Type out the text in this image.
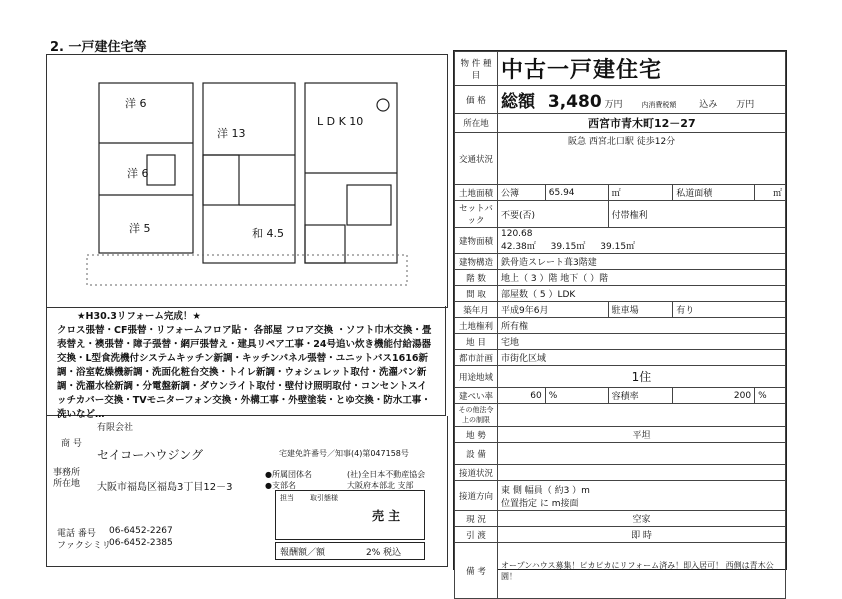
2. 一戸建住宅等
洋 6
洋 13
L D K 10
洋 6
洋 5	和 4.5
★H30.3リフォーム完成！★
クロス張替・CF張替・リフォームフロア貼・ 各部屋 フロア交換 ・ソフト巾木交換・畳表替え・襖張替・障子張替・網戸張替え・建具リペア工事・24号追い炊き機能付給湯器交換・L型食洗機付システムキッチン新調・キッチンパネル張替・ユニットバス1616新調・浴室乾燥機新調・洗面化粧台交換・トイレ新調・ウォシュレット取付・洗濯パン新調・洗濯水栓新調・分電盤新調・ダウンライト取付・壁付け照明取付・コンセントスイッチカバー交換・TVモニターフォン交換・外構工事・外壁塗装・とゆ交換・防水工事・洗いなど…
有限会社
商 号
セイコーハウジング	宅建免許番号／知事(4)第047158号
事務所 所在地	大阪市福島区福島3丁目12－3
●所属団体名	(社)全日本不動産協会
●支部名	大阪府本部北 支部
電話 番号 06-6452-2267
ファクシミリ
06-6452-2385
担当 取引態様
売 主
報酬額／額	2% 税込
物 件 種 目	中古一戸建住宅				
価 格	総額 3,480 万円 内消費税額 込み 万円				
所在地	西宮市青木町12－27				
交通状況	阪急 西宮北口駅 徒歩12分				
土地面積	公簿	65.94	㎡	私道面積	㎡
セットバック	不要(否)		付帯権利		
建物面積	120.68
42.38㎡ 39.15㎡ 39.15㎡				
建物構造	鉄骨造スレート葺3階建				
階 数	地上（ 3 ）階 地下（ ）階				
間 取	部屋数（ 5 ）LDK				
築年月	平成9年6月		駐車場	有り	
土地権利	所有権				
地 目	宅地				
都市計画	市街化区域				
用途地域	1住				
建ぺい率	60	%	容積率	200	%
その他法令上の制限					
地 勢	平坦				
設 備					
接道状況					
接道方向	東 側 幅員（ 約3 ）m
位置指定 に m接面				

現 況	空家				
引 渡	即 時				
備 考	オープンハウス募集！ピカピカにリフォーム済み！即入居可！ 西側は青木公園！				
